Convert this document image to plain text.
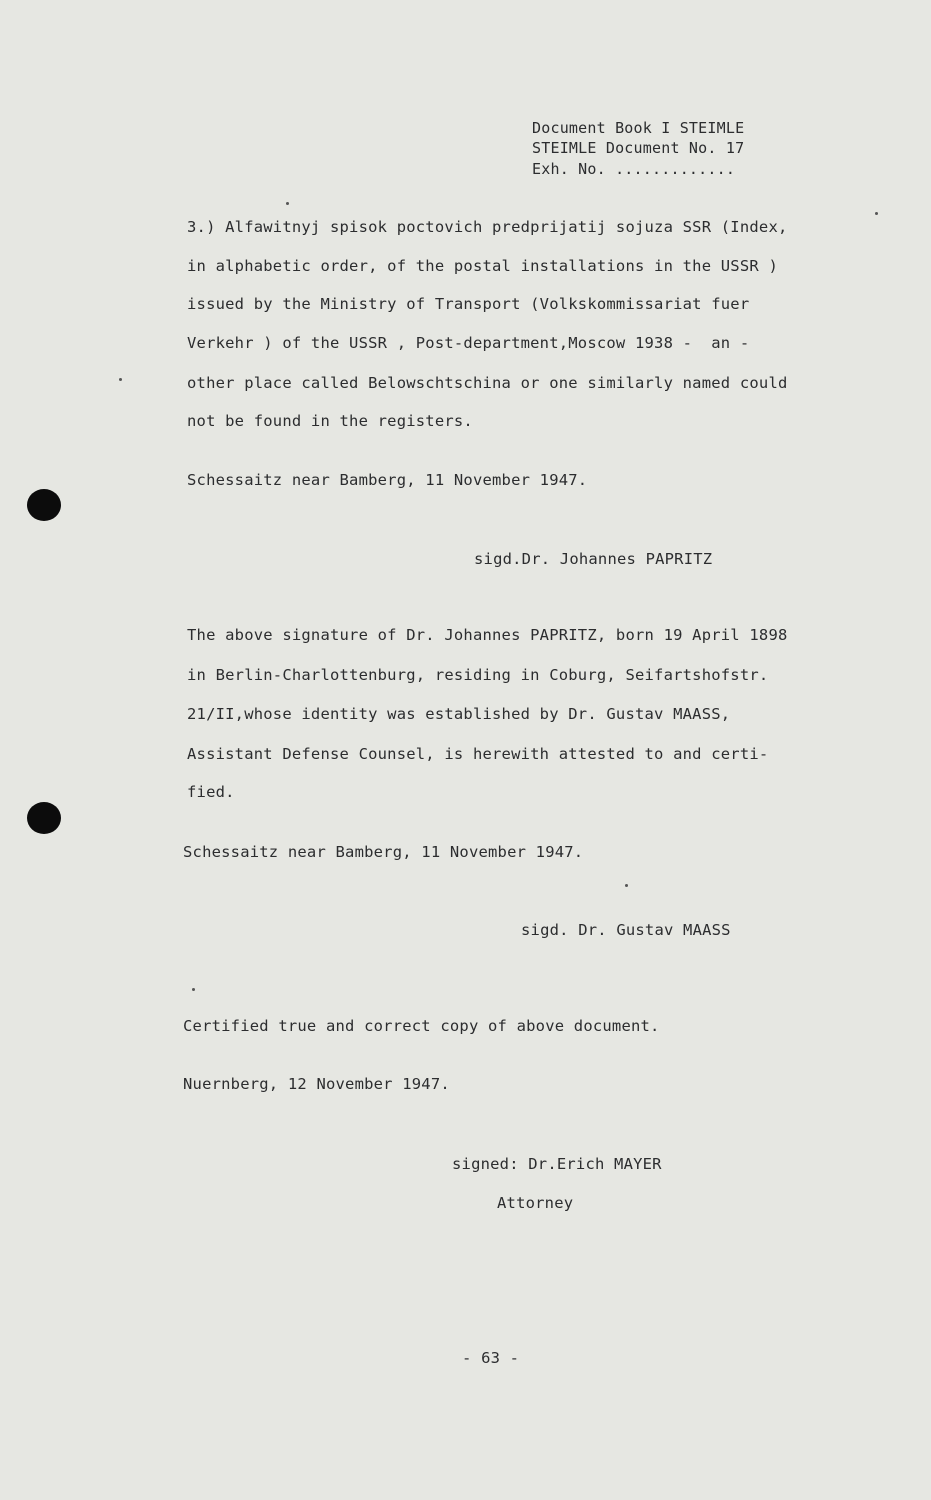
Document Book I STEIMLE
STEIMLE Document No. 17
Exh. No. .............
3.) Alfawitnyj spisok poctovich predprijatij sojuza SSR (Index,
in alphabetic order, of the postal installations in the USSR )
issued by the Ministry of Transport (Volkskommissariat fuer
Verkehr ) of the USSR , Post-department,Moscow 1938 -  an -
other place called Belowschtschina or one similarly named could
not be found in the registers.
Schessaitz near Bamberg, 11 November 1947.
sigd.Dr. Johannes PAPRITZ
The above signature of Dr. Johannes PAPRITZ, born 19 April 1898
in Berlin-Charlottenburg, residing in Coburg, Seifartshofstr.
21/II,whose identity was established by Dr. Gustav MAASS,
Assistant Defense Counsel, is herewith attested to and certi-
fied.
Schessaitz near Bamberg, 11 November 1947.
sigd. Dr. Gustav MAASS
Certified true and correct copy of above document.
Nuernberg, 12 November 1947.
signed: Dr.Erich MAYER
Attorney
- 63 -
